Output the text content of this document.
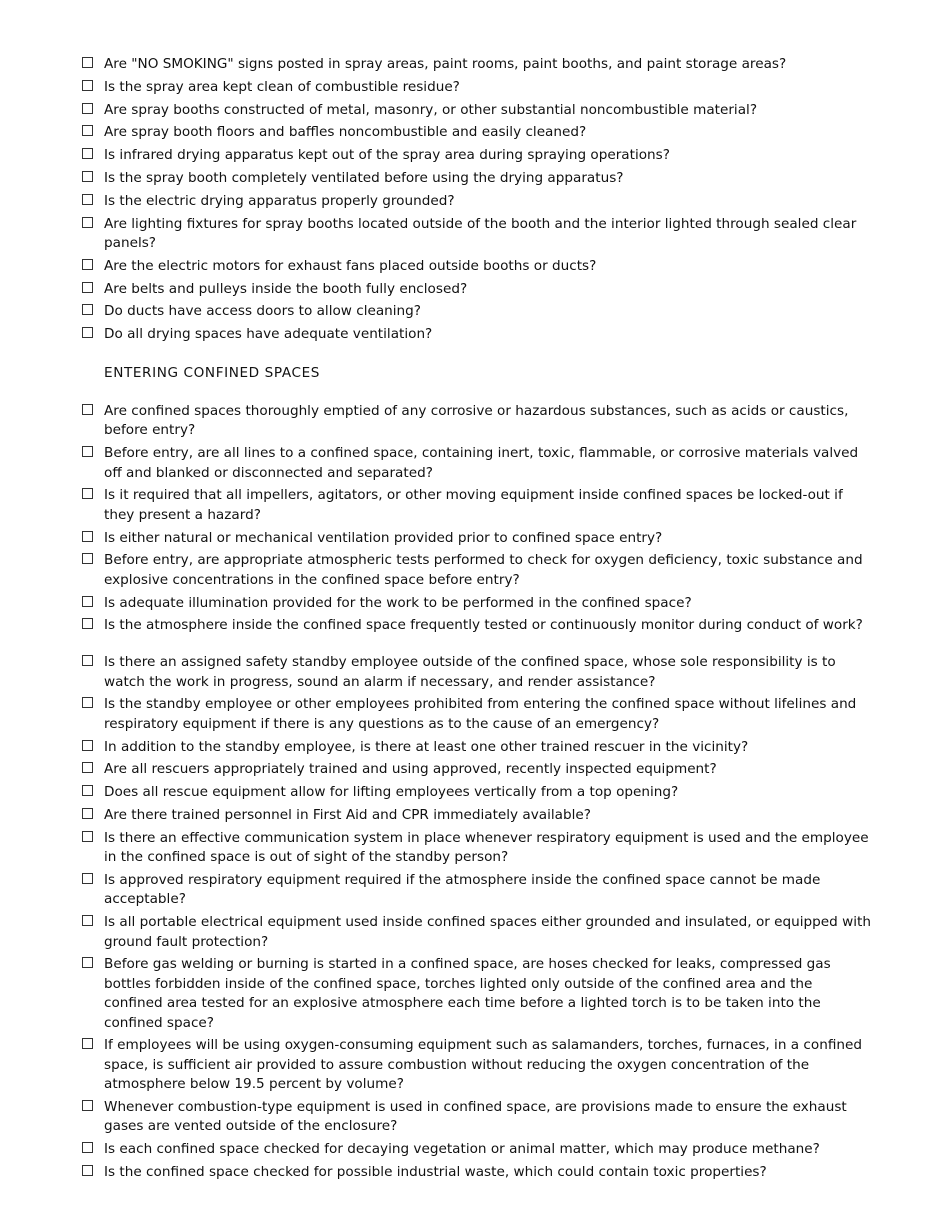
Are "NO SMOKING" signs posted in spray areas, paint rooms, paint booths, and paint storage areas?
Is the spray area kept clean of combustible residue?
Are spray booths constructed of metal, masonry, or other substantial noncombustible material?
Are spray booth floors and baffles noncombustible and easily cleaned?
Is infrared drying apparatus kept out of the spray area during spraying operations?
Is the spray booth completely ventilated before using the drying apparatus?
Is the electric drying apparatus properly grounded?
Are lighting fixtures for spray booths located outside of the booth and the interior lighted through sealed clear panels?
Are the electric motors for exhaust fans placed outside booths or ducts?
Are belts and pulleys inside the booth fully enclosed?
Do ducts have access doors to allow cleaning?
Do all drying spaces have adequate ventilation?
ENTERING CONFINED SPACES
Are confined spaces thoroughly emptied of any corrosive or hazardous substances, such as acids or caustics, before entry?
Before entry, are all lines to a confined space, containing inert, toxic, flammable, or corrosive materials valved off and blanked or disconnected and separated?
Is it required that all impellers, agitators, or other moving equipment inside confined spaces be locked-out if they present a hazard?
Is either natural or mechanical ventilation provided prior to confined space entry?
Before entry, are appropriate atmospheric tests performed to check for oxygen deficiency, toxic substance and explosive concentrations in the confined space before entry?
Is adequate illumination provided for the work to be performed in the confined space?
Is the atmosphere inside the confined space frequently tested or continuously monitor during conduct of work?
Is there an assigned safety standby employee outside of the confined space, whose sole responsibility is to watch the work in progress, sound an alarm if necessary, and render assistance?
Is the standby employee or other employees prohibited from entering the confined space without lifelines and respiratory equipment if there is any questions as to the cause of an emergency?
In addition to the standby employee, is there at least one other trained rescuer in the vicinity?
Are all rescuers appropriately trained and using approved, recently inspected equipment?
Does all rescue equipment allow for lifting employees vertically from a top opening?
Are there trained personnel in First Aid and CPR immediately available?
Is there an effective communication system in place whenever respiratory equipment is used and the employee in the confined space is out of sight of the standby person?
Is approved respiratory equipment required if the atmosphere inside the confined space cannot be made acceptable?
Is all portable electrical equipment used inside confined spaces either grounded and insulated, or equipped with ground fault protection?
Before gas welding or burning is started in a confined space, are hoses checked for leaks, compressed gas bottles forbidden inside of the confined space, torches lighted only outside of the confined area and the confined area tested for an explosive atmosphere each time before a lighted torch is to be taken into the confined space?
If employees will be using oxygen-consuming equipment such as salamanders, torches, furnaces, in a confined space, is sufficient air provided to assure combustion without reducing the oxygen concentration of the atmosphere below 19.5 percent by volume?
Whenever combustion-type equipment is used in confined space, are provisions made to ensure the exhaust gases are vented outside of the enclosure?
Is each confined space checked for decaying vegetation or animal matter, which may produce methane?
Is the confined space checked for possible industrial waste, which could contain toxic properties?
